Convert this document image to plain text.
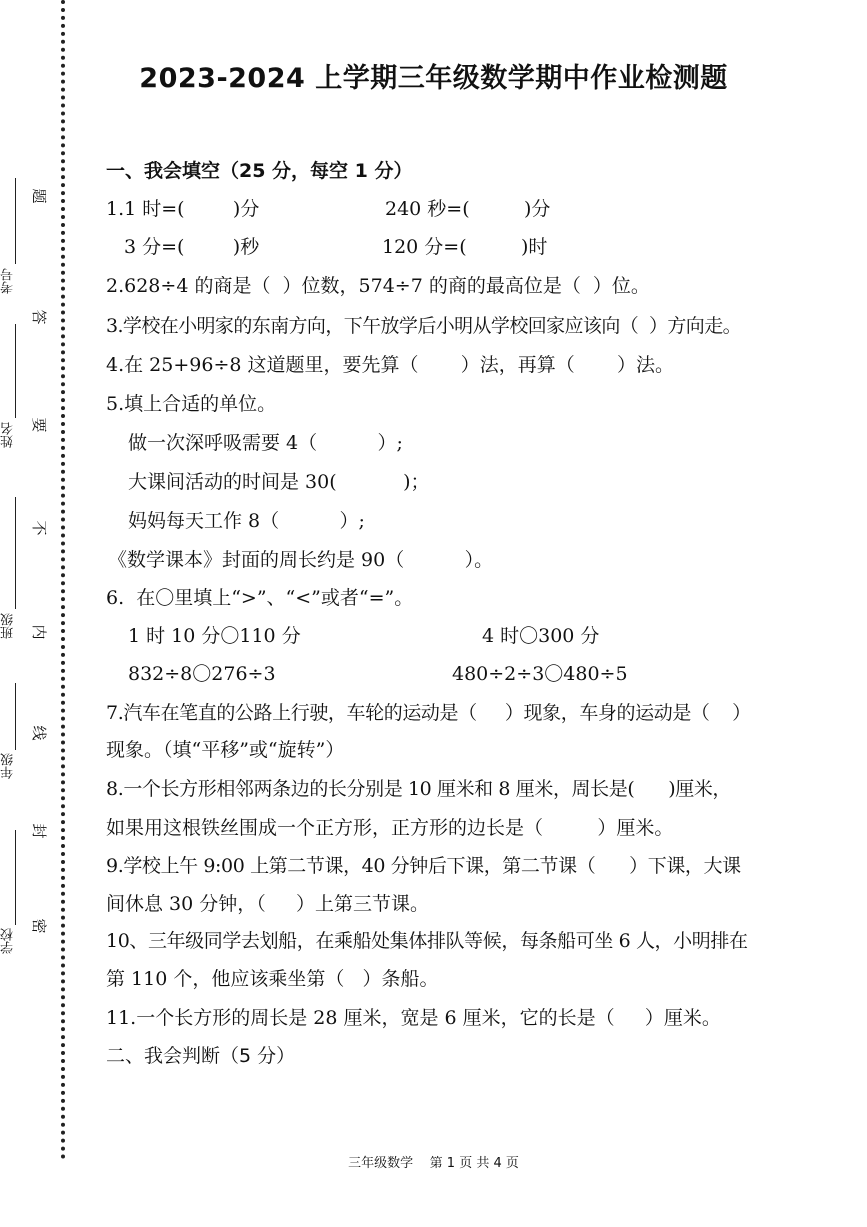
学校
年级
班级
姓名
考号
题
答
要
不
内
线
封
密
2023-2024 上学期三年级数学期中作业检测题
一、我会填空（25 分，每空 1 分）
1.1 时=(        )分	240 秒=(         )分
3 分=(        )秒	120 分=(         )时
2.628÷4 的商是（  ）位数，574÷7 的商的最高位是（  ）位。
3.学校在小明家的东南方向，下午放学后小明从学校回家应该向（  ）方向走。
4.在 25+96÷8 这道题里，要先算（       ）法，再算（       ）法。
5.填上合适的单位。
做一次深呼吸需要 4（          ）;
大课间活动的时间是 30(           )；
妈妈每天工作 8（          ）;
《数学课本》封面的周长约是 90（          ）。
6.  在〇里填上“>”、“<”或者“=”。
1 时 10 分〇110 分	4 时〇300 分
832÷8〇276÷3	480÷2÷3〇480÷5
7.汽车在笔直的公路上行驶，车轮的运动是（     ）现象，车身的运动是（    ）
现象。（填“平移”或“旋转”）
8.一个长方形相邻两条边的长分别是 10 厘米和 8 厘米，周长是(      )厘米，
如果用这根铁丝围成一个正方形，正方形的边长是（         ）厘米。
9.学校上午 9:00 上第二节课，40 分钟后下课，第二节课（      ）下课，大课
间休息 30 分钟，（     ）上第三节课。
10、三年级同学去划船，在乘船处集体排队等候，每条船可坐 6 人，小明排在
第 110 个，他应该乘坐第（   ）条船。
11.一个长方形的周长是 28 厘米，宽是 6 厘米，它的长是（     ）厘米。
二、我会判断（5 分）
三年级数学    第 1 页 共 4 页
